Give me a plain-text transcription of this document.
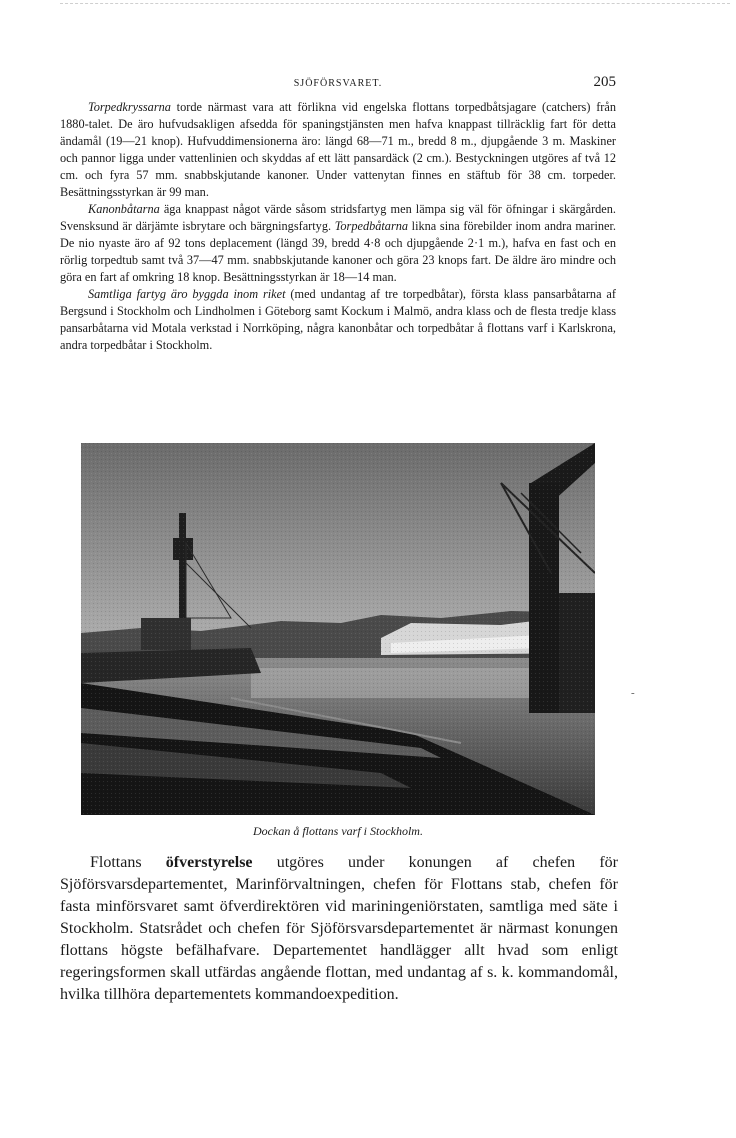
SJÖFÖRSVARET.	205

Torpedkryssarna torde närmast vara att förlikna vid engelska flottans torpedbåtsjagare (catchers) från 1880-talet. De äro hufvudsakligen afsedda för spaningstjänsten men hafva knappast tillräcklig fart för detta ändamål (19—21 knop). Hufvuddimensionerna äro: längd 68—71 m., bredd 8 m., djupgående 3 m. Maskiner och pannor ligga under vattenlinien och skyddas af ett lätt pansardäck (2 cm.). Bestyckningen utgöres af två 12 cm. och fyra 57 mm. snabbskjutande kanoner. Under vattenytan finnes en stäftub för 38 cm. torpeder. Besättningsstyrkan är 99 man.

Kanonbåtarna äga knappast något värde såsom stridsfartyg men lämpa sig väl för öfningar i skärgården. Svensksund är därjämte isbrytare och bärgningsfartyg. Torpedbåtarna likna sina förebilder inom andra mariner. De nio nyaste äro af 92 tons deplacement (längd 39, bredd 4·8 och djupgående 2·1 m.), hafva en fast och en rörlig torpedtub samt två 37—47 mm. snabbskjutande kanoner och göra 23 knops fart. De äldre äro mindre och göra en fart af omkring 18 knop. Besättningsstyrkan är 18—14 man.

Samtliga fartyg äro byggda inom riket (med undantag af tre torpedbåtar), första klass pansarbåtarna af Bergsund i Stockholm och Lindholmen i Göteborg samt Kockum i Malmö, andra klass och de flesta tredje klass pansarbåtarna vid Motala verkstad i Norrköping, några kanonbåtar och torpedbåtar å flottans varf i Karlskrona, andra torpedbåtar i Stockholm.

Dockan å flottans varf i Stockholm.

Flottans öfverstyrelse utgöres under konungen af chefen för Sjöförsvarsdepartementet, Marinförvaltningen, chefen för Flottans stab, chefen för fasta minförsvaret samt öfverdirektören vid mariningeniörstaten, samtliga med säte i Stockholm. Statsrådet och chefen för Sjöförsvarsdepartementet är närmast konungen flottans högste befälhafvare. Departementet handlägger allt hvad som enligt regeringsformen skall utfärdas angående flottan, med undantag af s. k. kommandomål, hvilka tillhöra departementets kommandoexpedition.

-
